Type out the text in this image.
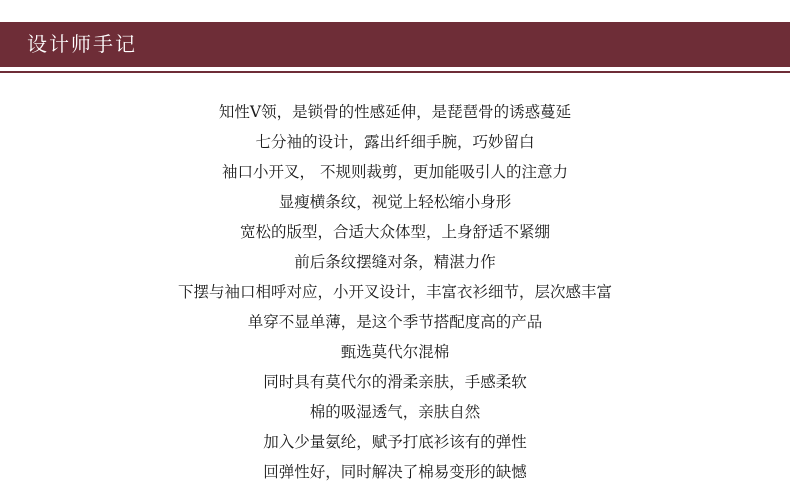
设计师手记
知性V领，是锁骨的性感延伸，是琵琶骨的诱惑蔓延
七分袖的设计，露出纤细手腕，巧妙留白
袖口小开叉， 不规则裁剪，更加能吸引人的注意力
显瘦横条纹，视觉上轻松缩小身形
宽松的版型，合适大众体型，上身舒适不紧绷
前后条纹摆缝对条，精湛力作
下摆与袖口相呼对应，小开叉设计，丰富衣衫细节，层次感丰富
单穿不显单薄，是这个季节搭配度高的产品
甄选莫代尔混棉
同时具有莫代尔的滑柔亲肤，手感柔软
棉的吸湿透气，亲肤自然
加入少量氨纶，赋予打底衫该有的弹性
回弹性好，同时解决了棉易变形的缺憾
